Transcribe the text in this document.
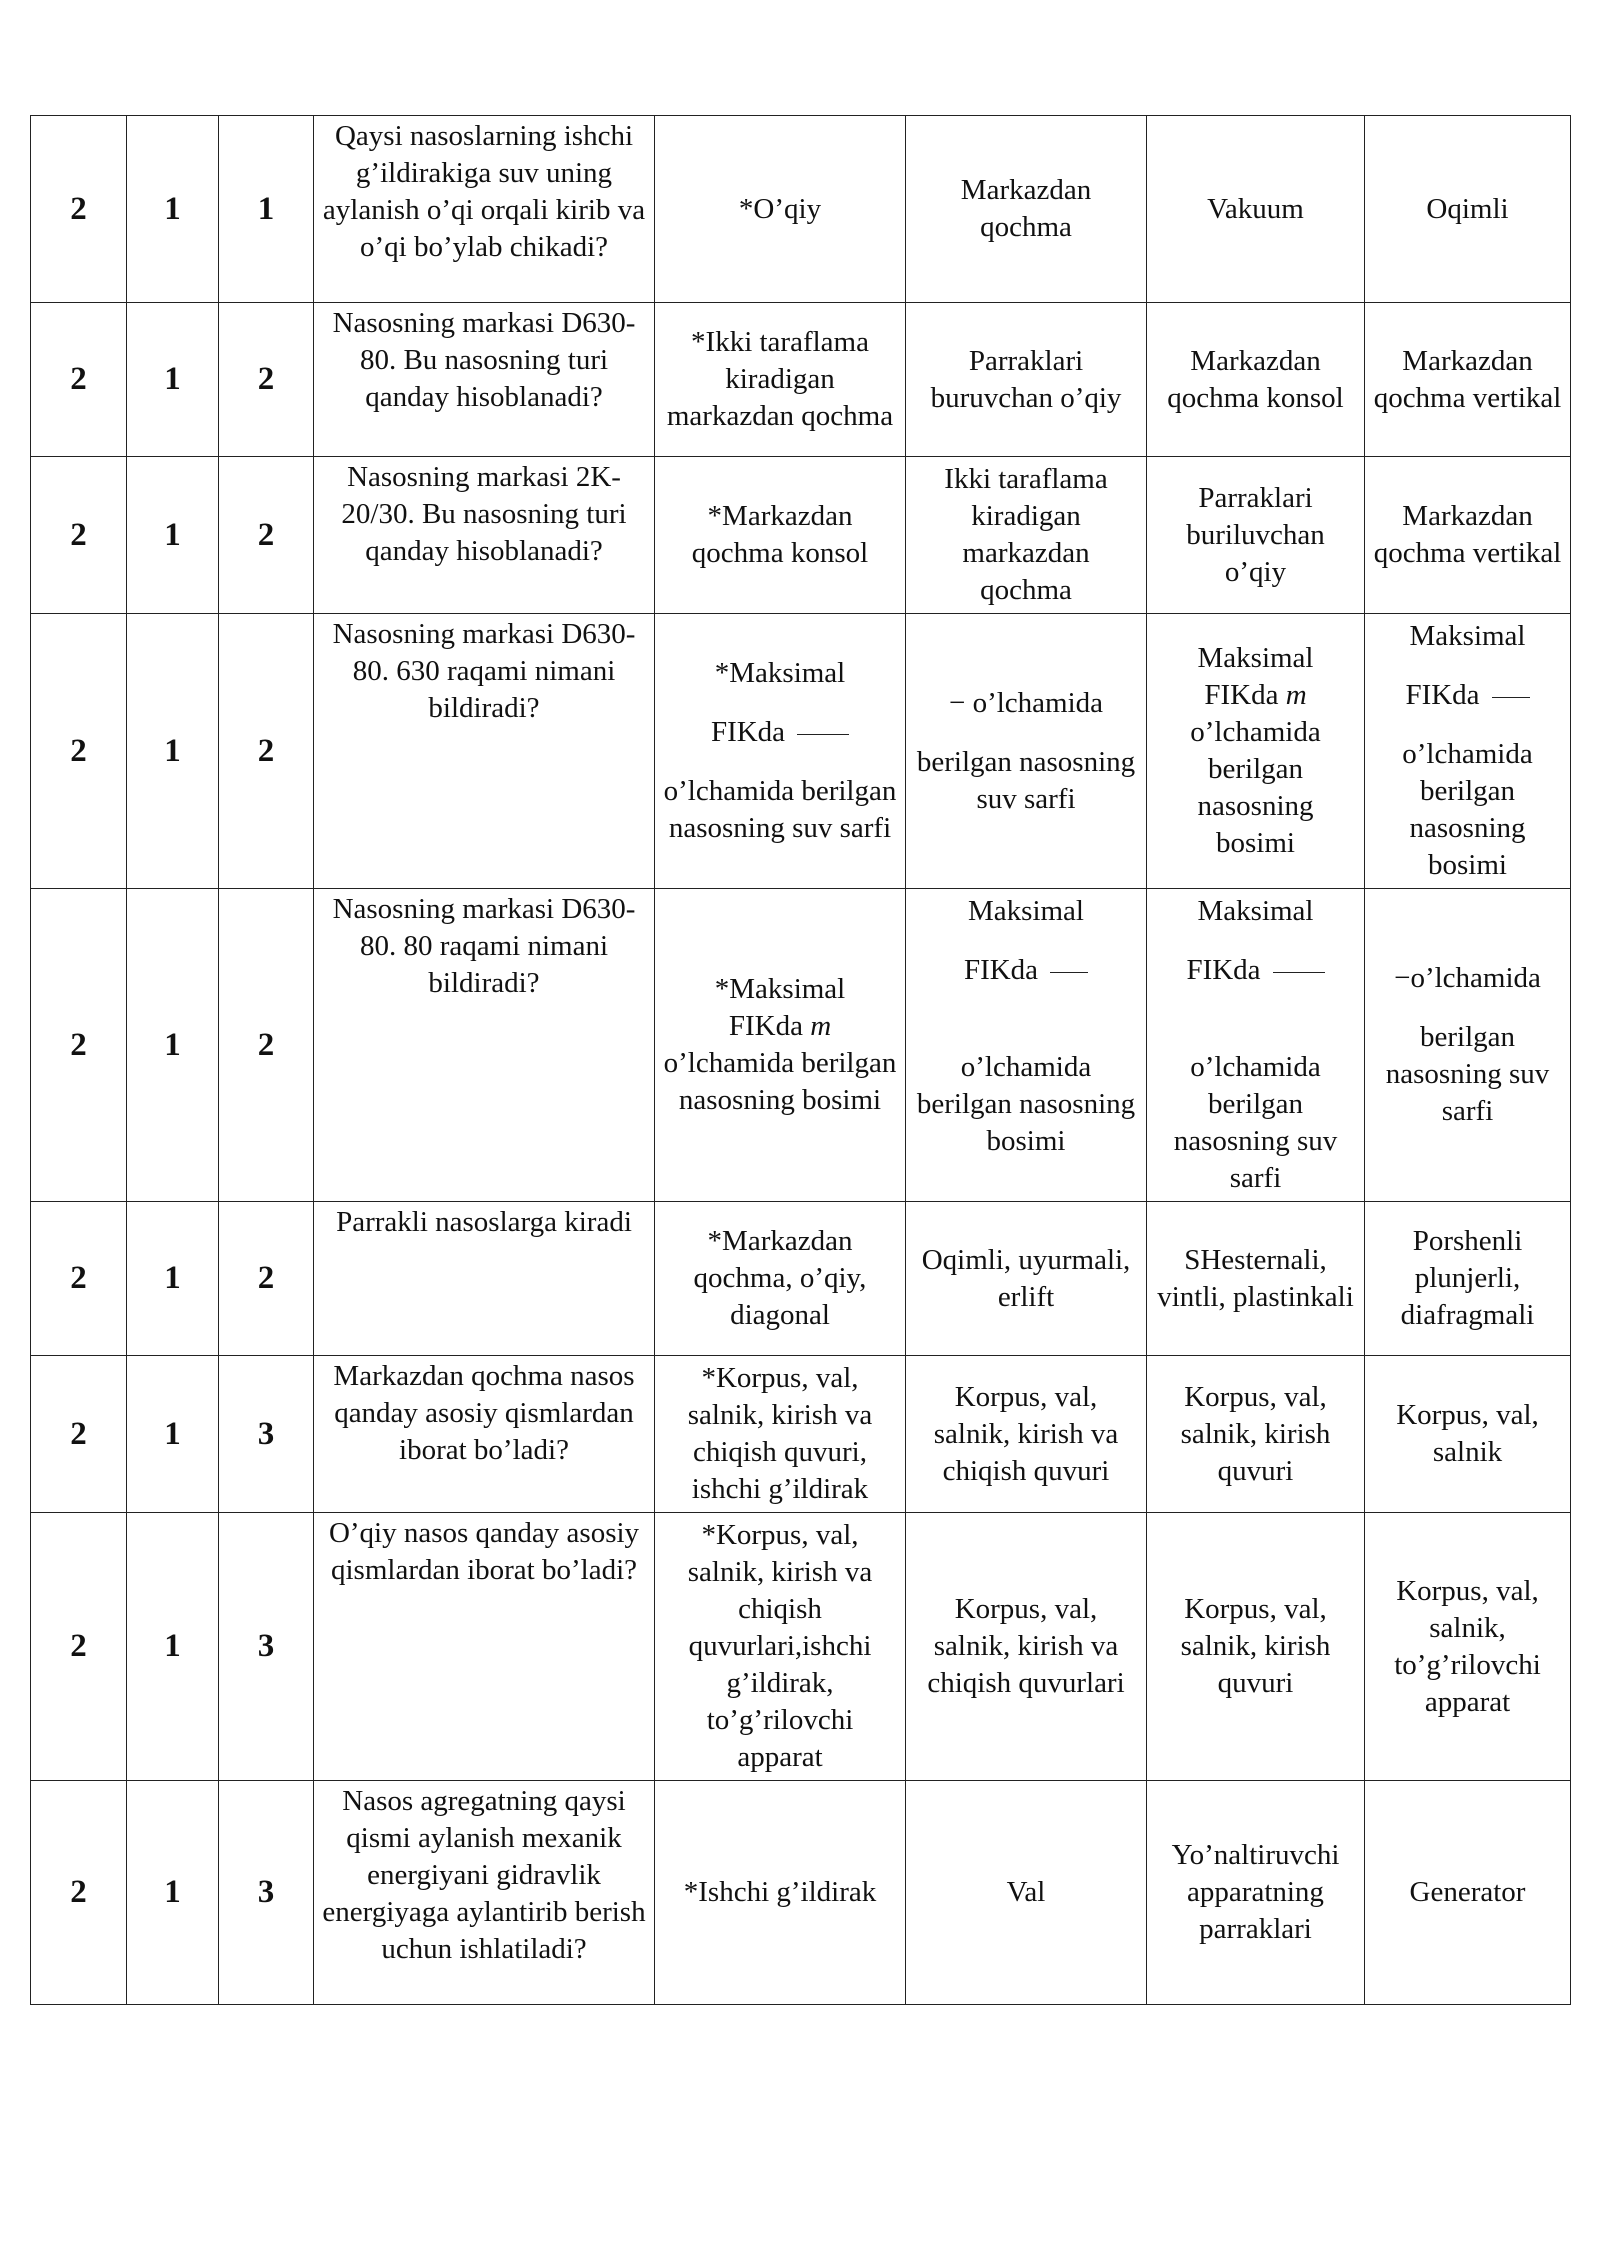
2	1	1	Qaysi nasoslarning ishchi g’ildirakiga suv uning aylanish o’qi orqali kirib va o’qi bo’ylab chikadi?	*O’qiy	Markazdan qochma	Vakuum	Oqimli
2	1	2	Nasosning markasi D630-80. Bu nasosning turi qanday hisoblanadi?	*Ikki taraflama kiradigan markazdan qochma	Parraklari buruvchan o’qiy	Markazdan qochma konsol	Markazdan qochma vertikal
2	1	2	Nasosning markasi 2K-20/30. Bu nasosning turi qanday hisoblanadi?	*Markazdan qochma konsol	Ikki taraflama kiradigan markazdan qochma	Parraklari buriluvchan o’qiy	Markazdan qochma vertikal
2	1	2	Nasosning markasi D630-80. 630 raqami nimani bildiradi?	*Maksimal
FIKda
o’lchamida berilgan nasosning suv sarfi	− o’lchamida
berilgan nasosning suv sarfi	Maksimal
FIKda m
o’lchamida berilgan nasosning bosimi	Maksimal
FIKda
o’lchamida berilgan nasosning bosimi

2	1	2	Nasosning markasi D630-80. 80 raqami nimani bildiradi?	*Maksimal
FIKda m
o’lchamida berilgan nasosning bosimi	Maksimal
FIKda
o’lchamida berilgan nasosning bosimi	Maksimal
FIKda
o’lchamida berilgan nasosning suv sarfi	−o’lchamida
berilgan nasosning suv sarfi

2	1	2	Parrakli nasoslarga kiradi	*Markazdan qochma, o’qiy, diagonal	Oqimli, uyurmali, erlift	SHesternali, vintli, plastinkali	Porshenli plunjerli, diafragmali
2	1	3	Markazdan qochma nasos qanday asosiy qismlardan iborat bo’ladi?	*Korpus, val, salnik, kirish va chiqish quvuri, ishchi g’ildirak	Korpus, val, salnik, kirish va chiqish quvuri	Korpus, val, salnik, kirish quvuri	Korpus, val, salnik
2	1	3	O’qiy nasos qanday asosiy qismlardan iborat bo’ladi?	*Korpus, val, salnik, kirish va chiqish quvurlari,ishchi g’ildirak, to’g’rilovchi apparat	Korpus, val, salnik, kirish va chiqish quvurlari	Korpus, val, salnik, kirish quvuri	Korpus, val, salnik, to’g’rilovchi apparat
2	1	3	Nasos agregatning qaysi qismi aylanish mexanik energiyani gidravlik energiyaga aylantirib berish uchun ishlatiladi?	*Ishchi g’ildirak	Val	Yo’naltiruvchi apparatning parraklari	Generator
